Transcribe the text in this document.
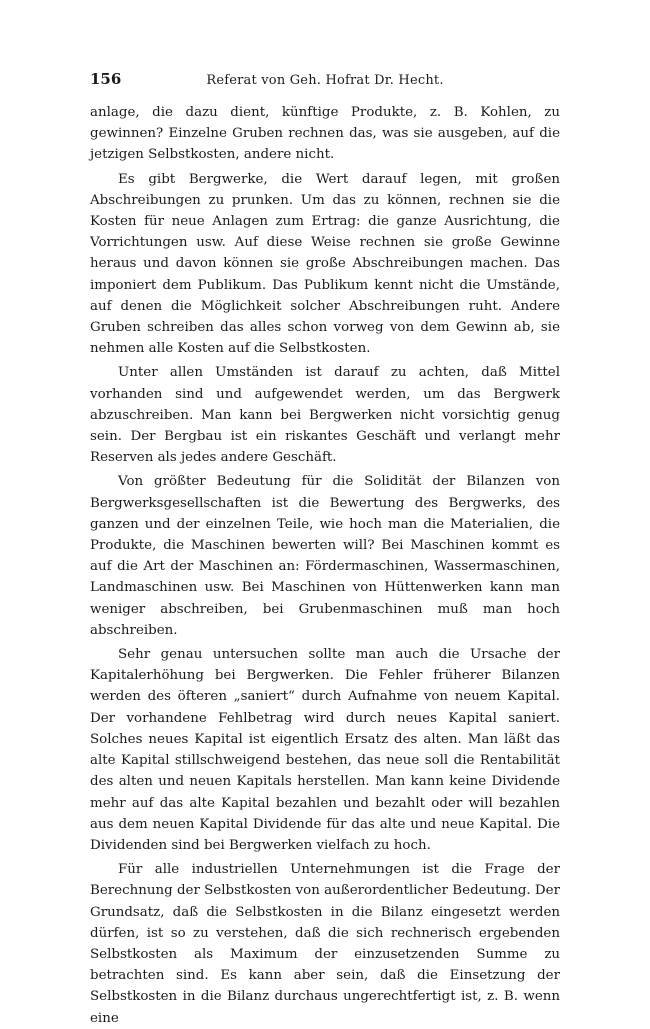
156	Referat von Geh. Hofrat Dr. Hecht.

anlage, die dazu dient, künftige Produkte, z. B. Kohlen, zu gewinnen? Einzelne Gruben rechnen das, was sie ausgeben, auf die jetzigen Selbstkosten, andere nicht.

Es gibt Bergwerke, die Wert darauf legen, mit großen Abschreibungen zu prunken. Um das zu können, rechnen sie die Kosten für neue Anlagen zum Ertrag: die ganze Ausrichtung, die Vorrichtungen usw. Auf diese Weise rechnen sie große Gewinne heraus und davon können sie große Abschreibungen machen. Das imponiert dem Publikum. Das Publikum kennt nicht die Umstände, auf denen die Möglichkeit solcher Abschreibungen ruht. Andere Gruben schreiben das alles schon vorweg von dem Gewinn ab, sie nehmen alle Kosten auf die Selbstkosten.

Unter allen Umständen ist darauf zu achten, daß Mittel vorhanden sind und aufgewendet werden, um das Bergwerk abzuschreiben. Man kann bei Bergwerken nicht vorsichtig genug sein. Der Bergbau ist ein riskantes Geschäft und verlangt mehr Reserven als jedes andere Geschäft.

Von größter Bedeutung für die Solidität der Bilanzen von Bergwerksgesellschaften ist die Bewertung des Bergwerks, des ganzen und der einzelnen Teile, wie hoch man die Materialien, die Produkte, die Maschinen bewerten will? Bei Maschinen kommt es auf die Art der Maschinen an: Fördermaschinen, Wassermaschinen, Landmaschinen usw. Bei Maschinen von Hüttenwerken kann man weniger abschreiben, bei Grubenmaschinen muß man hoch abschreiben.

Sehr genau untersuchen sollte man auch die Ursache der Kapitalerhöhung bei Bergwerken. Die Fehler früherer Bilanzen werden des öfteren „saniert“ durch Aufnahme von neuem Kapital. Der vorhandene Fehlbetrag wird durch neues Kapital saniert. Solches neues Kapital ist eigentlich Ersatz des alten. Man läßt das alte Kapital stillschweigend bestehen, das neue soll die Rentabilität des alten und neuen Kapitals herstellen. Man kann keine Dividende mehr auf das alte Kapital bezahlen und bezahlt oder will bezahlen aus dem neuen Kapital Dividende für das alte und neue Kapital. Die Dividenden sind bei Bergwerken vielfach zu hoch.

Für alle industriellen Unternehmungen ist die Frage der Berechnung der Selbstkosten von außerordentlicher Bedeutung. Der Grundsatz, daß die Selbstkosten in die Bilanz eingesetzt werden dürfen, ist so zu verstehen, daß die sich rechnerisch ergebenden Selbstkosten als Maximum der einzusetzenden Summe zu betrachten sind. Es kann aber sein, daß die Einsetzung der Selbstkosten in die Bilanz durchaus ungerechtfertigt ist, z. B. wenn eine
